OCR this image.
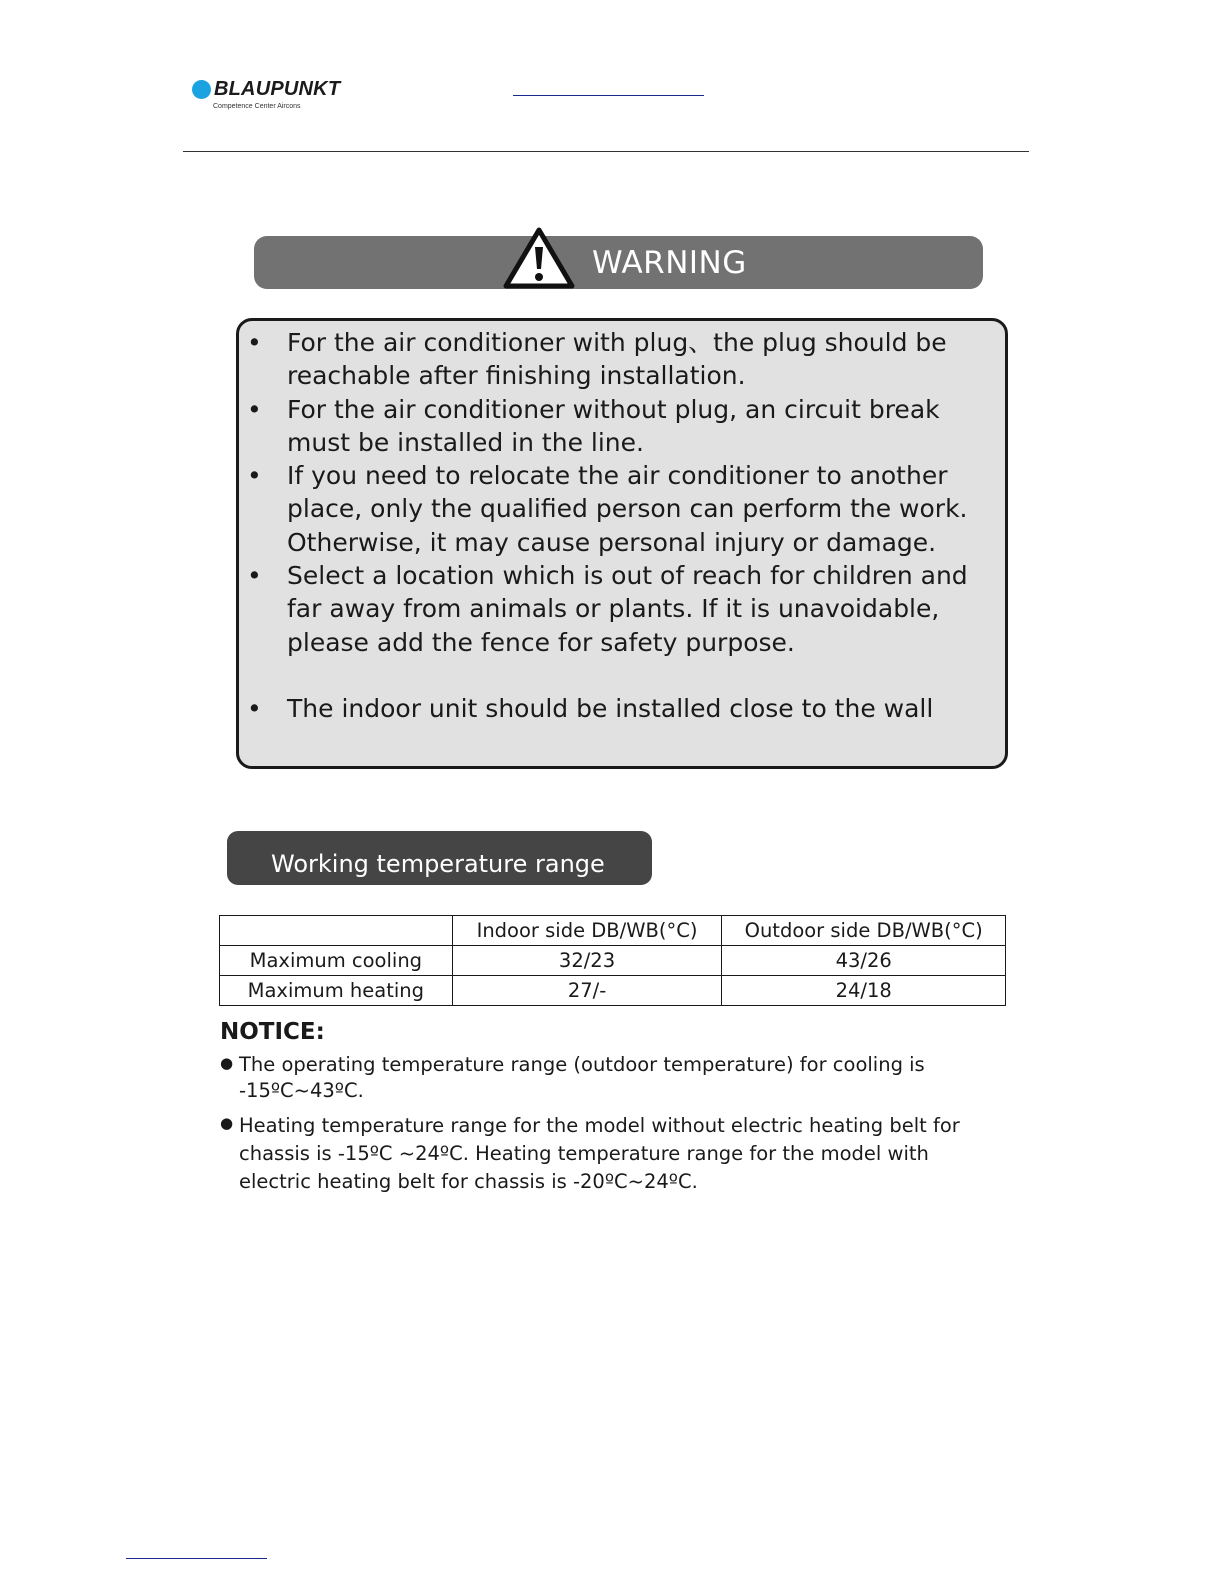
BLAUPUNKT
Competence Center Aircons
WARNING
• For the air conditioner with plug、the plug should be reachable after finishing installation.
• For the air conditioner without plug, an circuit break must be installed in the line.
• If you need to relocate the air conditioner to another place, only the qualified person can perform the work. Otherwise, it may cause personal injury or damage.
• Select a location which is out of reach for children and far away from animals or plants. If it is unavoidable, please add the fence for safety purpose.
• The indoor unit should be installed close to the wall
Working temperature range
	Indoor side DB/WB(°C)	Outdoor side DB/WB(°C)
Maximum cooling	32/23	43/26
Maximum heating	27/-	24/18
NOTICE:
● The operating temperature range (outdoor temperature) for cooling is -15ºC~43ºC.
● Heating temperature range for the model without electric heating belt for chassis is -15ºC ~24ºC. Heating temperature range for the model with electric heating belt for chassis is -20ºC~24ºC.
